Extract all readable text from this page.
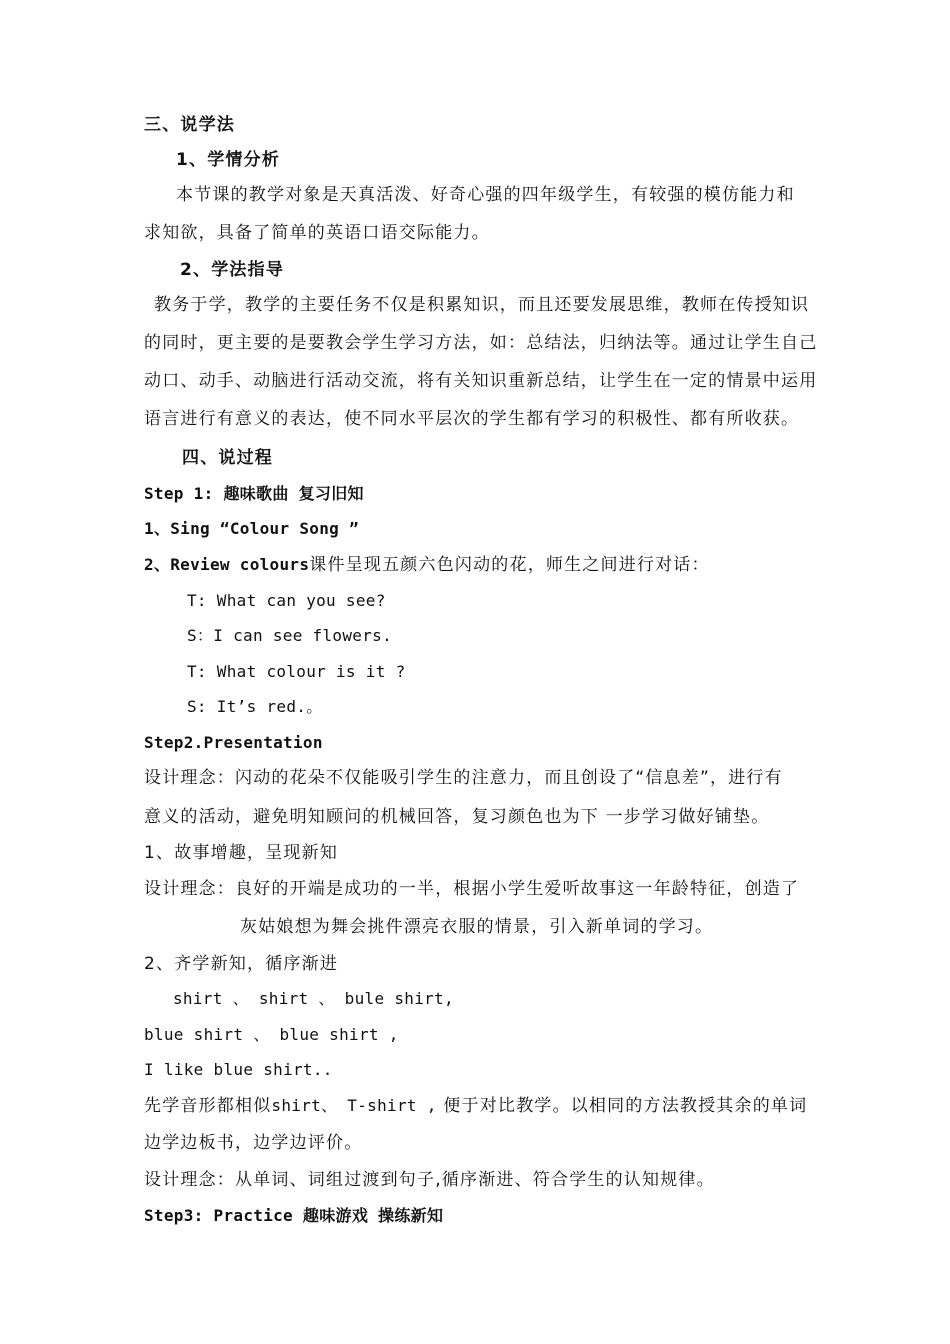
三、说学法
1、学情分析
本节课的教学对象是天真活泼、好奇心强的四年级学生，有较强的模仿能力和
求知欲，具备了简单的英语口语交际能力。
2、学法指导
教务于学，教学的主要任务不仅是积累知识，而且还要发展思维，教师在传授知识
的同时，更主要的是要教会学生学习方法，如：总结法，归纳法等。通过让学生自己
动口、动手、动脑进行活动交流，将有关知识重新总结，让学生在一定的情景中运用
语言进行有意义的表达，使不同水平层次的学生都有学习的积极性、都有所收获。
四、说过程
Step 1: 趣味歌曲 复习旧知
1、Sing “Colour Song ”
2、Review colours课件呈现五颜六色闪动的花，师生之间进行对话：
T: What can you see?
S：I can see flowers.
T: What colour is it ?
S: It’s red.。
Step2.Presentation
设计理念：闪动的花朵不仅能吸引学生的注意力，而且创设了“信息差”，进行有
意义的活动，避免明知顾问的机械回答，复习颜色也为下 一步学习做好铺垫。
1、故事增趣，呈现新知
设计理念：良好的开端是成功的一半，根据小学生爱听故事这一年龄特征，创造了
灰姑娘想为舞会挑件漂亮衣服的情景，引入新单词的学习。
2、齐学新知，循序渐进
shirt 、 shirt 、 bule shirt,
blue shirt 、 blue shirt ,
I like blue shirt..
先学音形都相似shirt、 T-shirt , 便于对比教学。以相同的方法教授其余的单词
边学边板书，边学边评价。
设计理念：从单词、词组过渡到句子,循序渐进、符合学生的认知规律。
Step3: Practice 趣味游戏 操练新知
